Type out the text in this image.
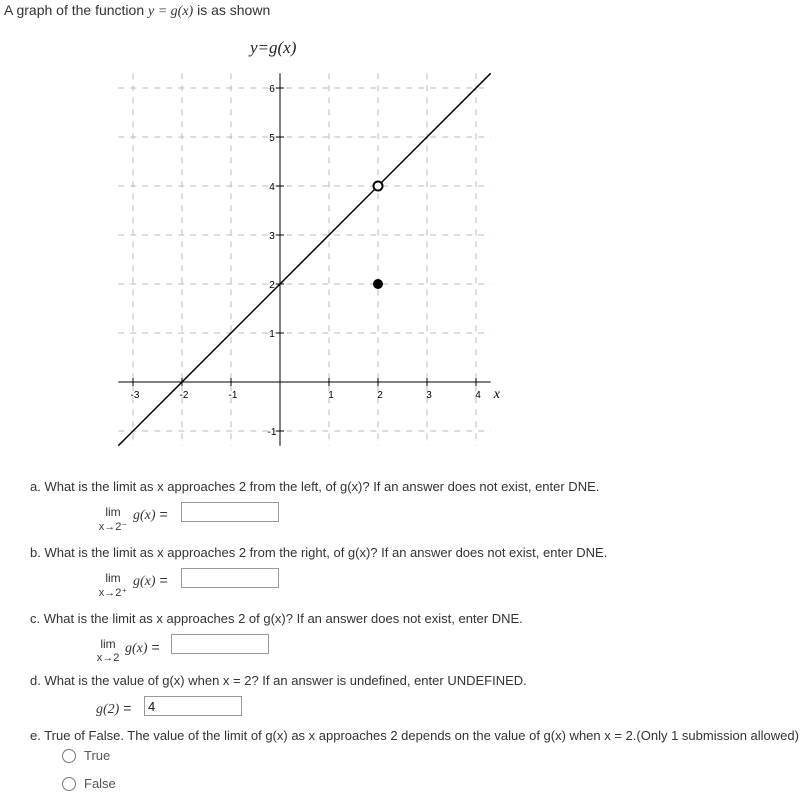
A graph of the function y = g(x) is as shown
y=g(x)
-3	-2	-1	1	2	3	4
-1
1
2
3
4
5
6
x
a. What is the limit as x approaches 2 from the left, of g(x)? If an answer does not exist, enter DNE.
lim
x→2⁻
g(x) =
b. What is the limit as x approaches 2 from the right, of g(x)? If an answer does not exist, enter DNE.
lim
x→2⁺
g(x) =
c. What is the limit as x approaches 2 of g(x)? If an answer does not exist, enter DNE.
lim
x→2
g(x) =
d. What is the value of g(x) when x = 2? If an answer is undefined, enter UNDEFINED.
g(2) =
4
e. True of False. The value of the limit of g(x) as x approaches 2 depends on the value of g(x) when x = 2.(Only 1 submission allowed)
True
False
